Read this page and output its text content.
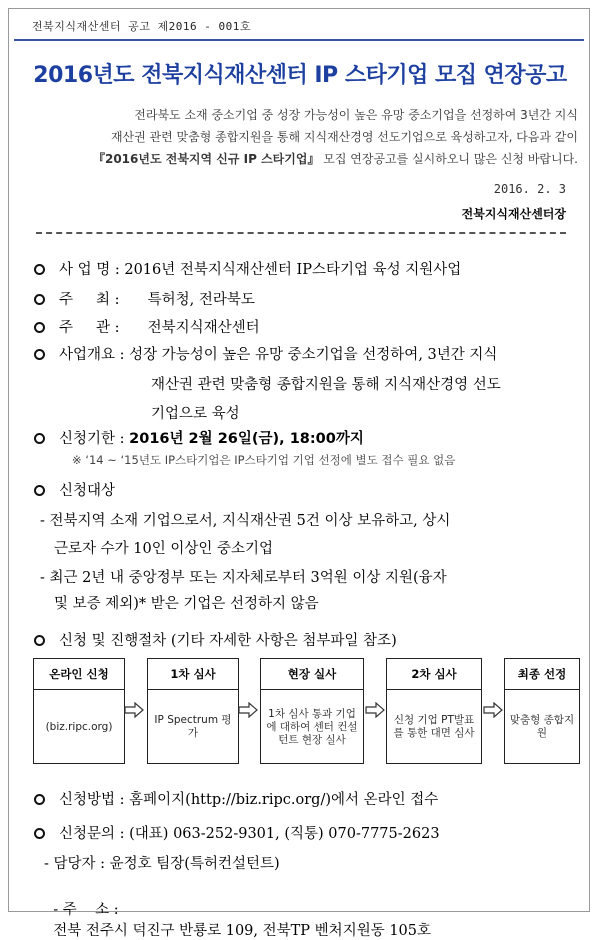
전북지식재산센터 공고 제2016 - 001호
2016년도 전북지식재산센터 IP 스타기업 모집 연장공고
전라북도 소재 중소기업 중 성장 가능성이 높은 유망 중소기업을 선정하여 3년간 지식
재산권 관련 맞춤형 종합지원을 통해 지식재산경영 선도기업으로 육성하고자, 다음과 같이
『2016년도 전북지역 신규 IP 스타기업』 모집 연장공고를 실시하오니 많은 신청 바랍니다.
2016. 2. 3
전북지식재산센터장
사 업 명 : 2016년 전북지식재산센터 IP스타기업 육성 지원사업
주     최 : 특허청, 전라북도
주     관 : 전북지식재산센터
사업개요 : 성장 가능성이 높은 유망 중소기업을 선정하여, 3년간 지식
재산권 관련 맞춤형 종합지원을 통해 지식재산경영 선도
기업으로 육성
신청기한 : 2016년 2월 26일(금), 18:00까지
※ ‘14 ~ ‘15년도 IP스타기업은 IP스타기업 기업 선정에 별도 접수 필요 없음
신청대상
- 전북지역 소재 기업으로서, 지식재산권 5건 이상 보유하고, 상시
근로자 수가 10인 이상인 중소기업
- 최근 2년 내 중앙정부 또는 지자체로부터 3억원 이상 지원(융자
및 보증 제외)* 받은 기업은 선정하지 않음
신청 및 진행절차 (기타 자세한 사항은 첨부파일 참조)
온라인 신청
(biz.ripc.org)
1차 심사
IP Spectrum 평가
현장 실사
1차 심사 통과 기업에 대하여 센터 컨설턴트 현장 실사
2차 심사
신청 기업 PT발표를 통한 대면 심사
최종 선정
맞춤형 종합지원
신청방법 : 홈페이지(http://biz.ripc.org/)에서 온라인 접수
신청문의 : (대표) 063-252-9301, (직통) 070-7775-2623
- 담당자 : 윤정호 팀장(특허컨설턴트)

- 주    소 :
전북 전주시 덕진구 반룡로 109, 전북TP 벤처지원동 105호
